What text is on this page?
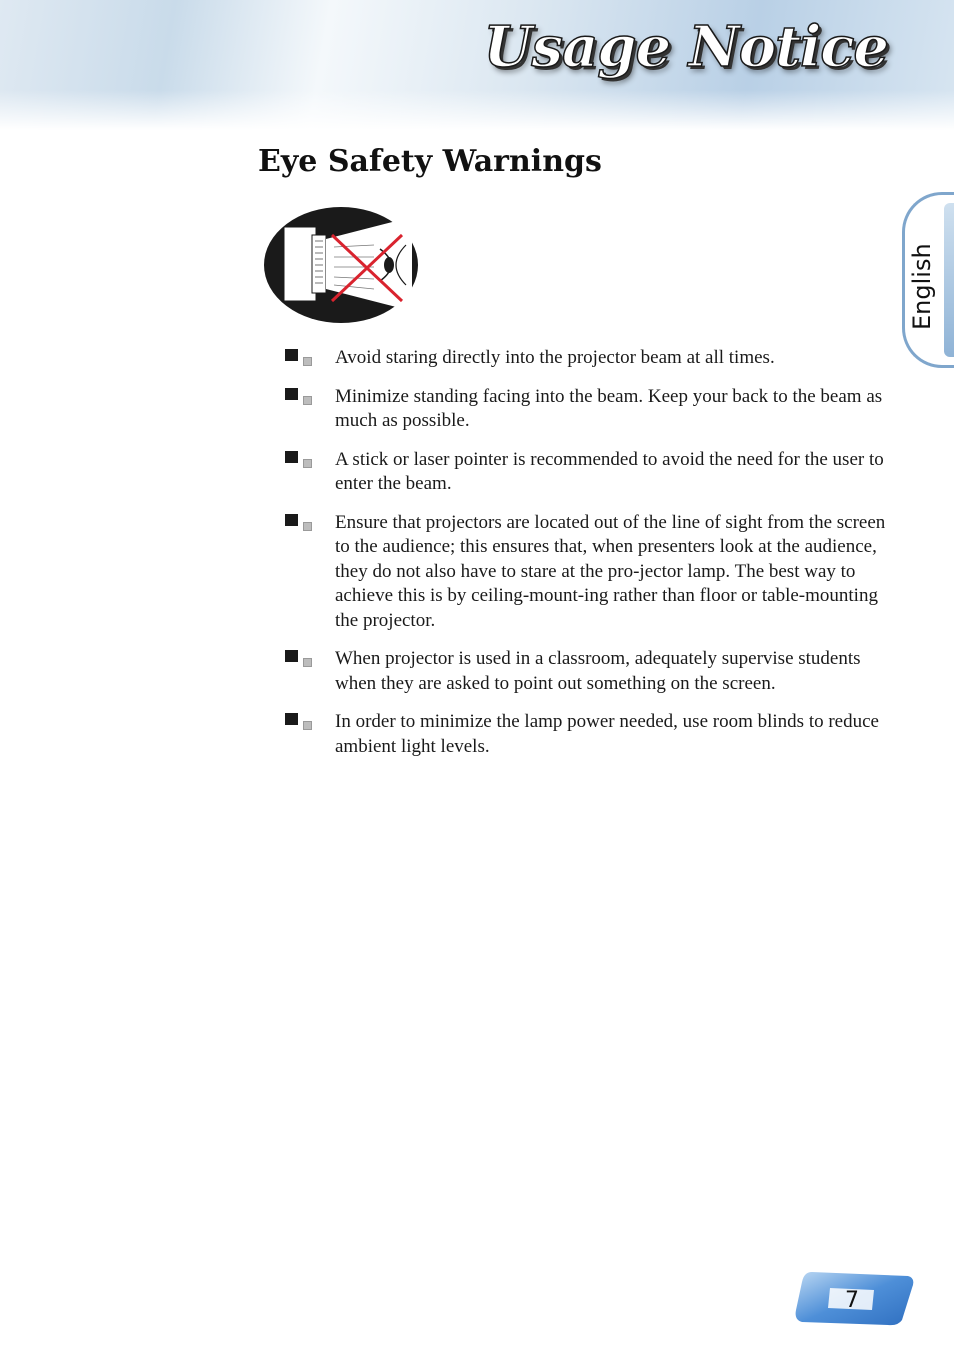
Usage Notice
English
Eye Safety Warnings
Avoid staring directly into the projector beam at all times.
Minimize standing facing into the beam. Keep your back to the beam as much as possible.
A stick or laser pointer is recommended to avoid the need for the user to enter the beam.
Ensure that projectors are located out of the line of sight from the screen to the audience; this ensures that, when presenters look at the audience, they do not also have to stare at the pro-jector lamp. The best way to achieve this is by ceiling-mount-ing rather than floor or table-mounting the projector.
When projector is used in a classroom, adequately supervise students when they are asked to point out something on the screen.
In order to minimize the lamp power needed, use room blinds to reduce ambient light levels.
7
